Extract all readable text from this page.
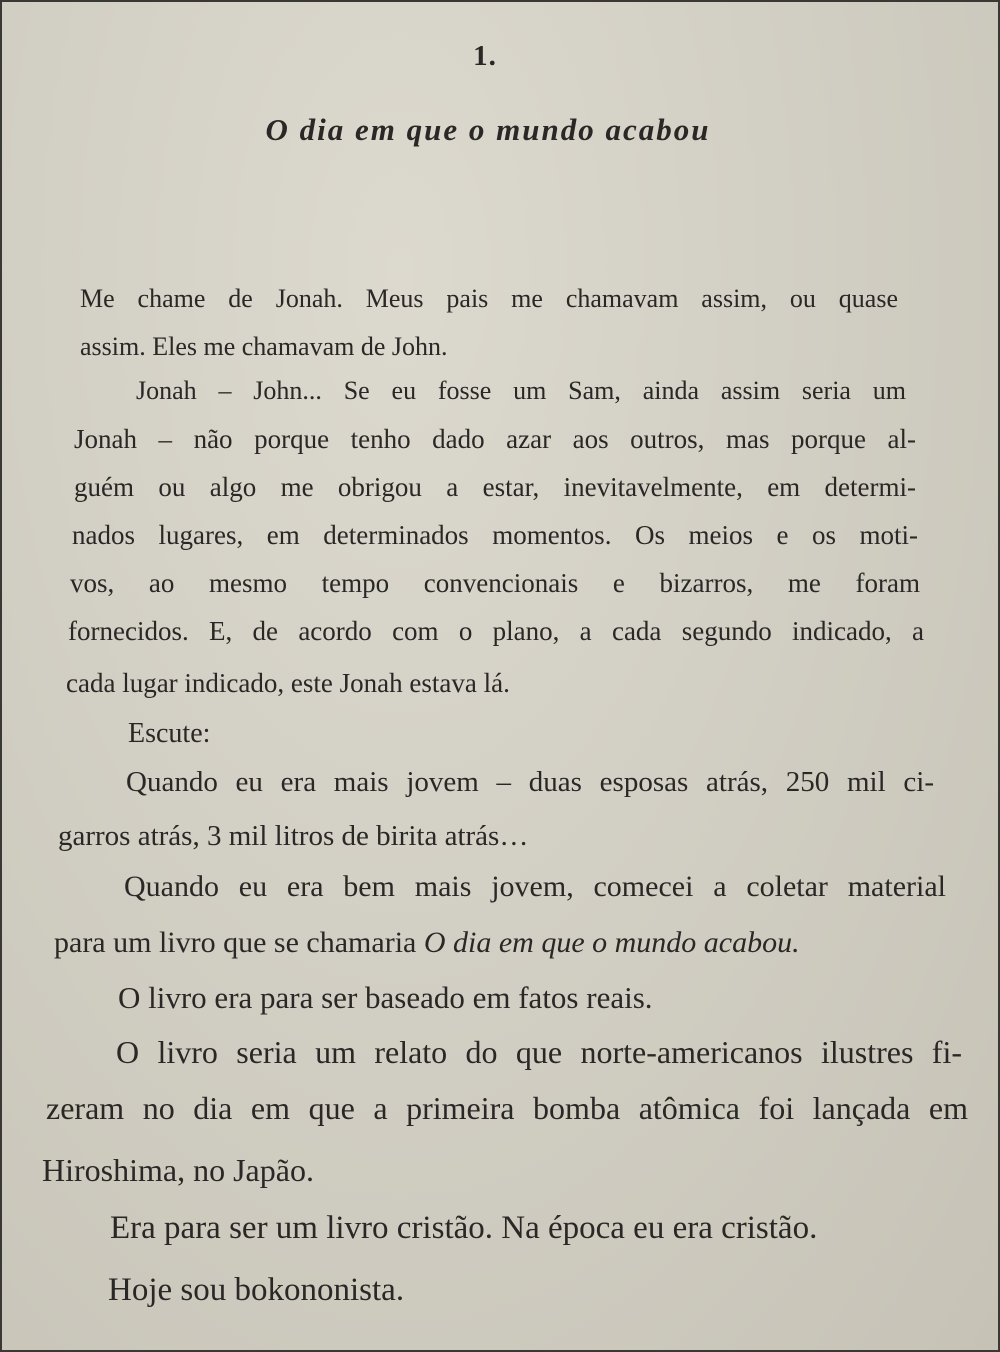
1.
O dia em que o mundo acabou
Me chame de Jonah. Meus pais me chamavam assim, ou quase
assim. Eles me chamavam de John.
Jonah – John... Se eu fosse um Sam, ainda assim seria um
Jonah – não porque tenho dado azar aos outros, mas porque al-
guém ou algo me obrigou a estar, inevitavelmente, em determi-
nados lugares, em determinados momentos. Os meios e os moti-
vos, ao mesmo tempo convencionais e bizarros, me foram
fornecidos. E, de acordo com o plano, a cada segundo indicado, a
cada lugar indicado, este Jonah estava lá.
Escute:
Quando eu era mais jovem – duas esposas atrás, 250 mil ci-
garros atrás, 3 mil litros de birita atrás…
Quando eu era bem mais jovem, comecei a coletar material
para um livro que se chamaria O dia em que o mundo acabou.
O livro era para ser baseado em fatos reais.
O livro seria um relato do que norte-americanos ilustres fi-
zeram no dia em que a primeira bomba atômica foi lançada em
Hiroshima, no Japão.
Era para ser um livro cristão. Na época eu era cristão.
Hoje sou bokononista.
